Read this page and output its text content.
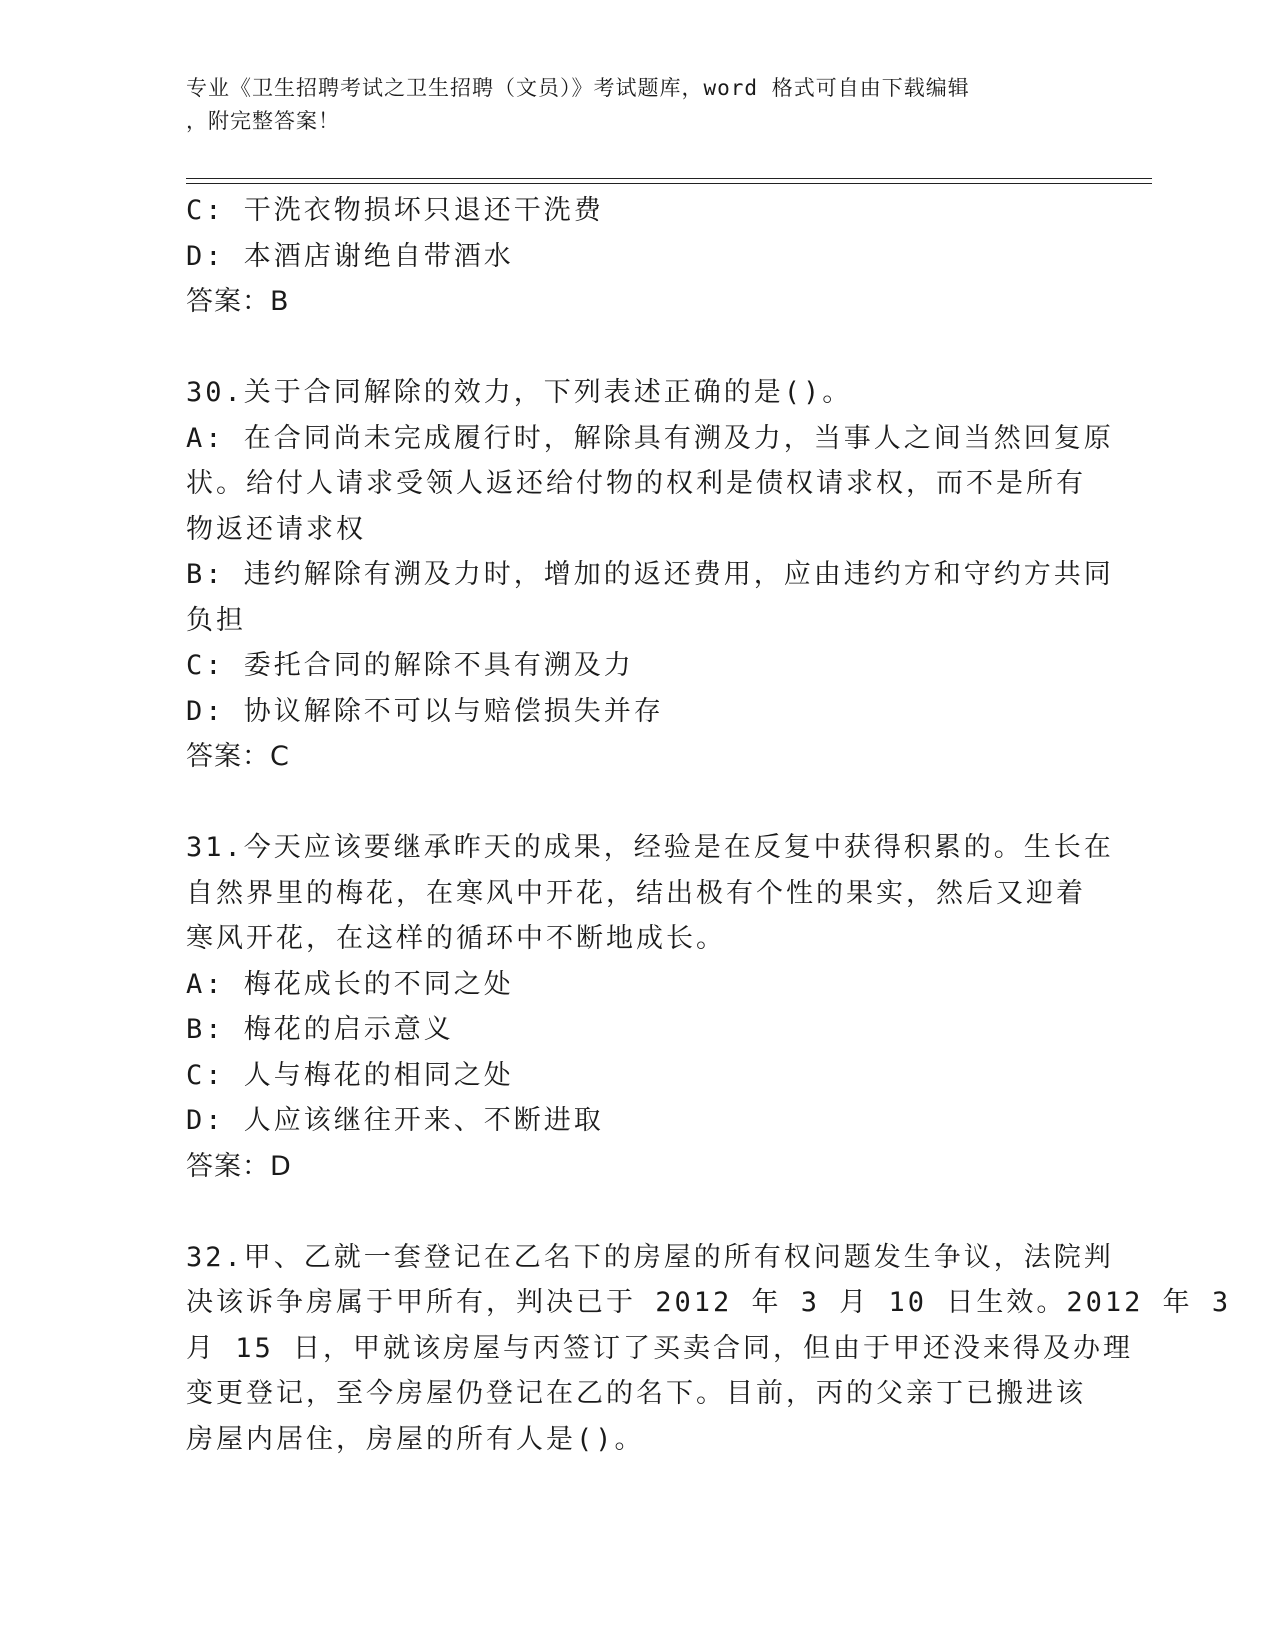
专业《卫生招聘考试之卫生招聘（文员）》考试题库，word 格式可自由下载编辑

，附完整答案！

C: 干洗衣物损坏只退还干洗费

D: 本酒店谢绝自带酒水

答案：B

30.关于合同解除的效力，下列表述正确的是()。

A: 在合同尚未完成履行时，解除具有溯及力，当事人之间当然回复原

状。给付人请求受领人返还给付物的权利是债权请求权，而不是所有

物返还请求权

B: 违约解除有溯及力时，增加的返还费用，应由违约方和守约方共同

负担

C: 委托合同的解除不具有溯及力

D: 协议解除不可以与赔偿损失并存

答案：C

31.今天应该要继承昨天的成果，经验是在反复中获得积累的。生长在

自然界里的梅花，在寒风中开花，结出极有个性的果实，然后又迎着

寒风开花，在这样的循环中不断地成长。

A: 梅花成长的不同之处

B: 梅花的启示意义

C: 人与梅花的相同之处

D: 人应该继往开来、不断进取

答案：D

32.甲、乙就一套登记在乙名下的房屋的所有权问题发生争议，法院判

决该诉争房属于甲所有，判决已于 2012 年 3 月 10 日生效。2012 年 3

月 15 日，甲就该房屋与丙签订了买卖合同，但由于甲还没来得及办理

变更登记，至今房屋仍登记在乙的名下。目前，丙的父亲丁已搬进该

房屋内居住，房屋的所有人是()。
